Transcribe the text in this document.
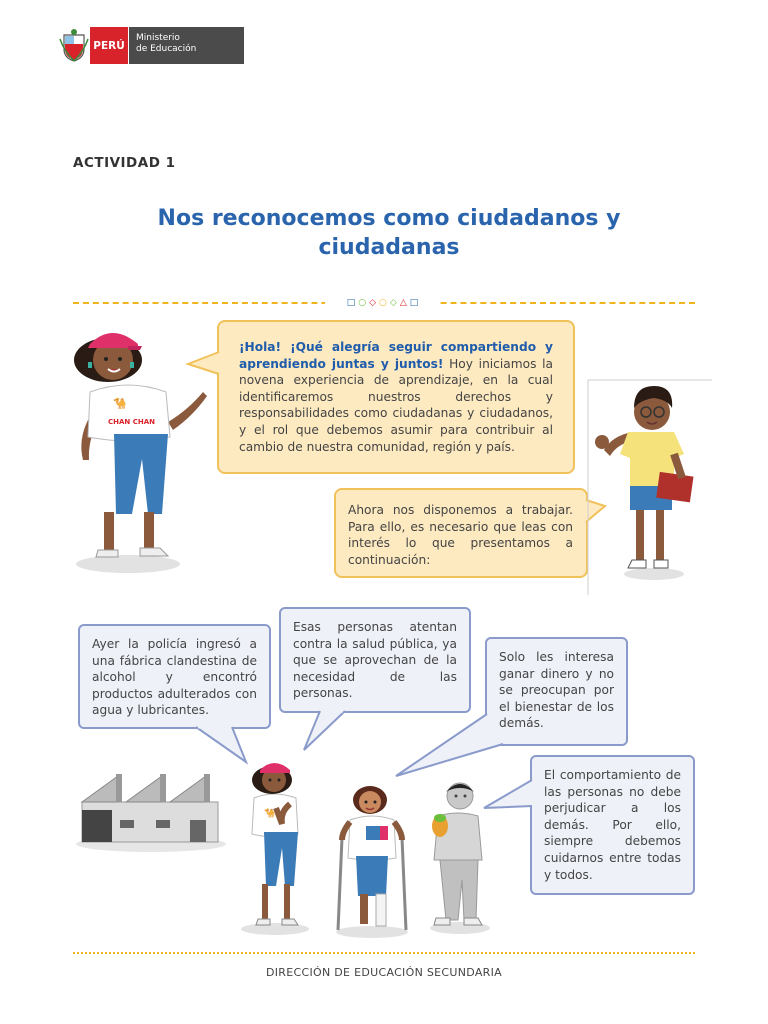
PERÚ
Ministerio
de Educación
ACTIVIDAD 1
Nos reconocemos como ciudadanos y ciudadanas
□ ○ ◇ ○ ◇ △ □
🐪
CHAN CHAN
¡Hola! ¡Qué alegría seguir compartiendo y aprendiendo juntas y juntos! Hoy iniciamos la novena experiencia de aprendizaje, en la cual identificaremos nuestros derechos y responsabilidades como ciudadanas y ciudadanos, y el rol que debemos asumir para contribuir al cambio de nuestra comunidad, región y país.
Ahora nos disponemos a trabajar. Para ello, es necesario que leas con interés lo que presentamos a continuación:
Ayer la policía ingresó a una fábrica clandestina de alcohol y encontró productos adulterados con agua y lubricantes.
Esas personas atentan contra la salud pública, ya que se aprovechan de la necesidad de las personas.
Solo les interesa ganar dinero y no se preocupan por el bienestar de los demás.
El comportamiento de las personas no debe perjudicar a los demás. Por ello, siempre debemos cuidarnos entre todas y todos.
🐪
DIRECCIÓN DE EDUCACIÓN SECUNDARIA
